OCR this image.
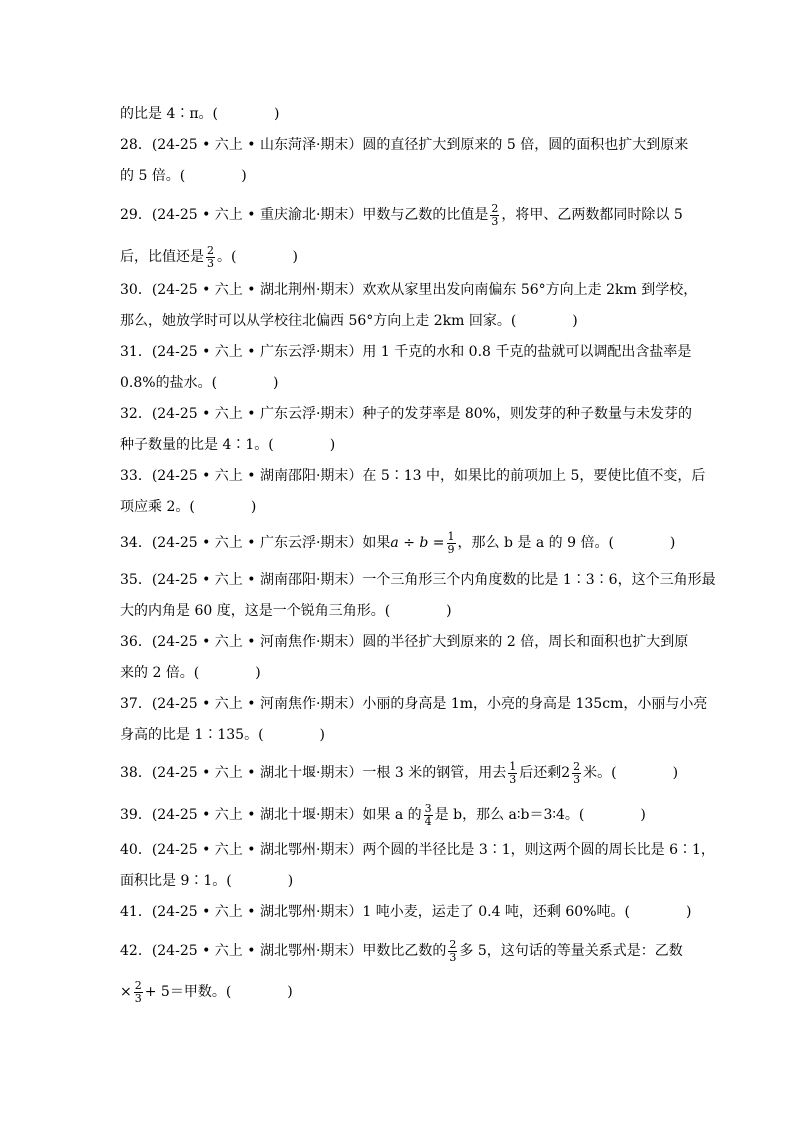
的比是 4∶π。(　　　　)
28．(24-25 • 六上 • 山东菏泽·期末）圆的直径扩大到原来的 5 倍，圆的面积也扩大到原来
的 5 倍。(　　　　)
29．(24-25 • 六上 • 重庆渝北·期末）甲数与乙数的比值是 $\frac{2}{3}$ ，将甲、乙两数都同时除以 5
后，比值还是 $\frac{2}{3}$ 。(　　　　)
30．(24-25 • 六上 • 湖北荆州·期末）欢欢从家里出发向南偏东 56°方向上走 2km 到学校，
那么，她放学时可以从学校往北偏西 56°方向上走 2km 回家。(　　　　)
31．(24-25 • 六上 • 广东云浮·期末）用 1 千克的水和 0.8 千克的盐就可以调配出含盐率是
0.8%的盐水。(　　　　)
32．(24-25 • 六上 • 广东云浮·期末）种子的发芽率是 80%，则发芽的种子数量与未发芽的
种子数量的比是 4∶1。(　　　　)
33．(24-25 • 六上 • 湖南邵阳·期末）在 5∶13 中，如果比的前项加上 5，要使比值不变，后
项应乘 2。(　　　　)
34．(24-25 • 六上 • 广东云浮·期末）如果$a \div b = \frac{1}{9}$ ，那么 b 是 a 的 9 倍。(　　　　)
35．(24-25 • 六上 • 湖南邵阳·期末）一个三角形三个内角度数的比是 1∶3∶6，这个三角形最
大的内角是 60 度，这是一个锐角三角形。(　　　　)
36．(24-25 • 六上 • 河南焦作·期末）圆的半径扩大到原来的 2 倍，周长和面积也扩大到原
来的 2 倍。(　　　　)
37．(24-25 • 六上 • 河南焦作·期末）小丽的身高是 1m，小亮的身高是 135cm，小丽与小亮
身高的比是 1∶135。(　　　　)
38．(24-25 • 六上 • 湖北十堰·期末）一根 3 米的钢管，用去 $\frac{1}{3}$ 后还剩$2 \frac{2}{3}$ 米。(　　　　)
39．(24-25 • 六上 • 湖北十堰·期末）如果 a 的 $\frac{3}{4}$ 是 b，那么 a∶b＝3∶4。(　　　　)
40．(24-25 • 六上 • 湖北鄂州·期末）两个圆的半径比是 3∶1，则这两个圆的周长比是 6∶1，
面积比是 9∶1。(　　　　)
41．(24-25 • 六上 • 湖北鄂州·期末）1 吨小麦，运走了 0.4 吨，还剩 60%吨。(　　　　)
42．(24-25 • 六上 • 湖北鄂州·期末）甲数比乙数的 $\frac{2}{3}$ 多 5，这句话的等量关系式是：乙数
× $\frac{2}{3} + 5=$甲数。(　　　　)
